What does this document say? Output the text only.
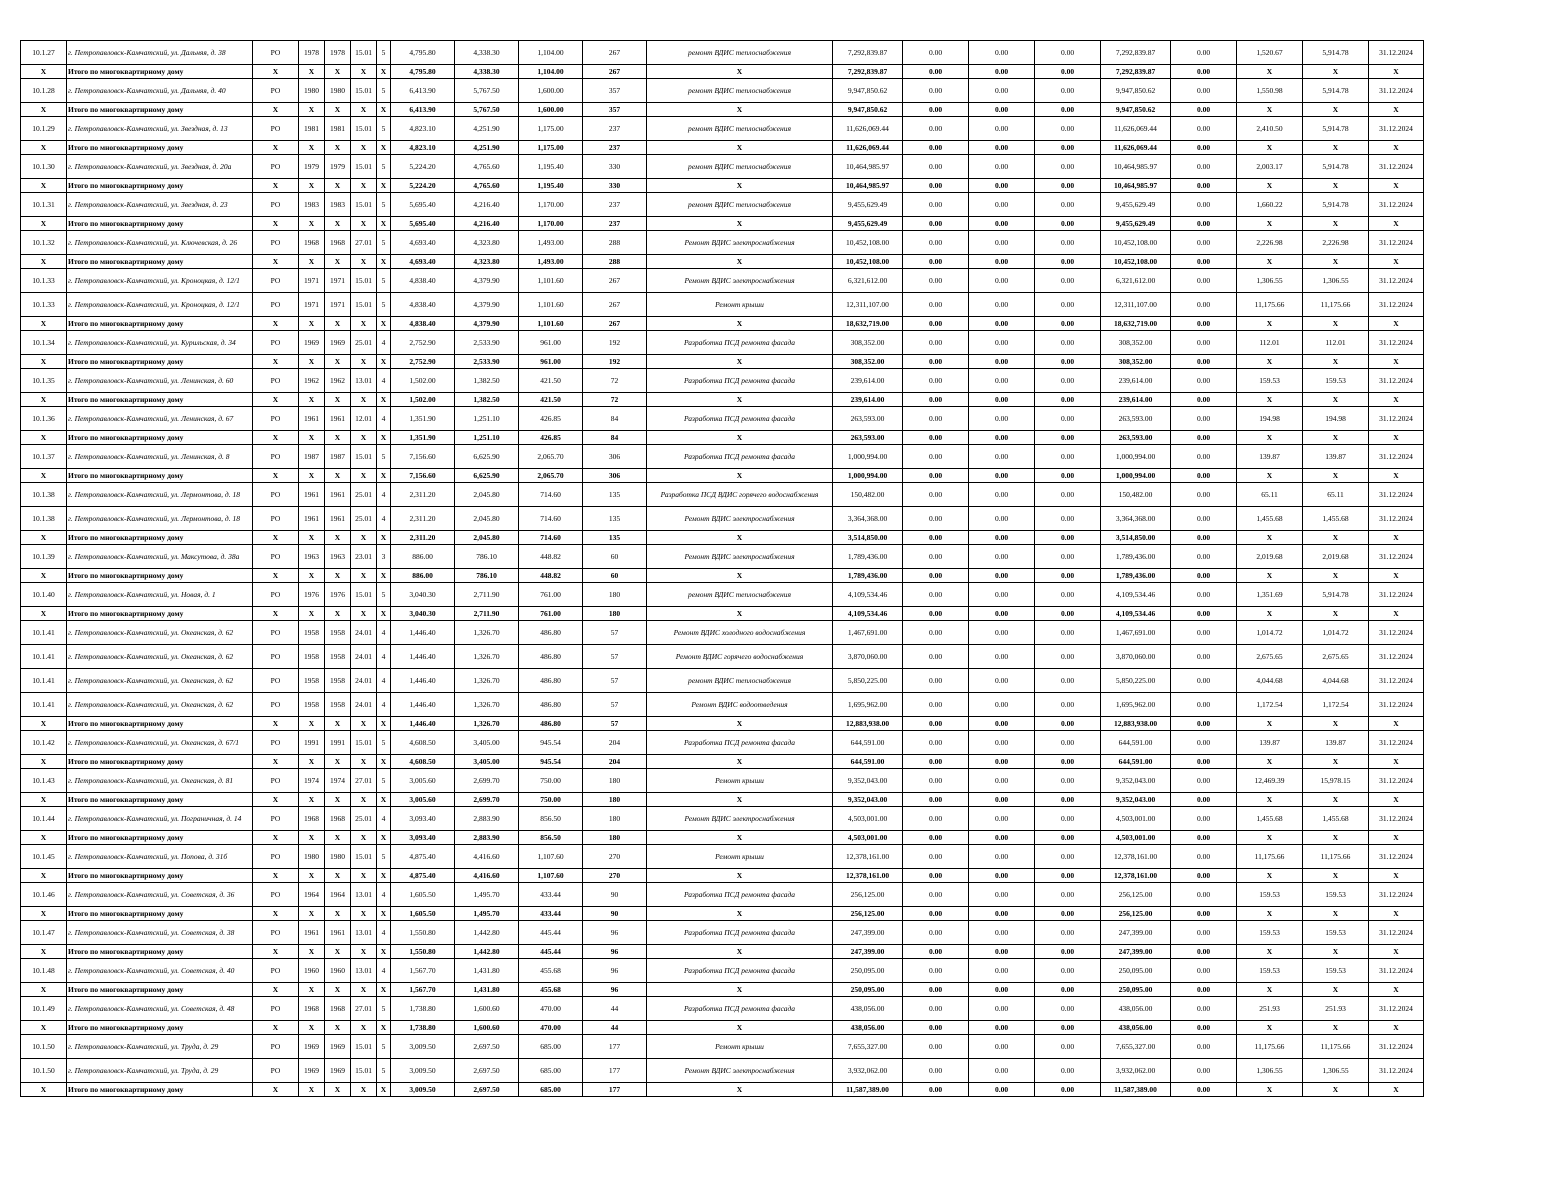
10.1.27	г. Петропавловск-Камчатский, ул. Дальняя, д. 38	РО	1978	1978	15.01	5	4,795.80	4,338.30	1,104.00	267	ремонт ВДИС теплоснабжения	7,292,839.87	0.00	0.00	0.00	7,292,839.87	0.00	1,520.67	5,914.78	31.12.2024
X	Итого по многоквартирному дому	X	X	X	X	X	4,795.80	4,338.30	1,104.00	267	X	7,292,839.87	0.00	0.00	0.00	7,292,839.87	0.00	X	X	X
10.1.28	г. Петропавловск-Камчатский, ул. Дальняя, д. 40	РО	1980	1980	15.01	5	6,413.90	5,767.50	1,600.00	357	ремонт ВДИС теплоснабжения	9,947,850.62	0.00	0.00	0.00	9,947,850.62	0.00	1,550.98	5,914.78	31.12.2024
X	Итого по многоквартирному дому	X	X	X	X	X	6,413.90	5,767.50	1,600.00	357	X	9,947,850.62	0.00	0.00	0.00	9,947,850.62	0.00	X	X	X
10.1.29	г. Петропавловск-Камчатский, ул. Звездная, д. 13	РО	1981	1981	15.01	5	4,823.10	4,251.90	1,175.00	237	ремонт ВДИС теплоснабжения	11,626,069.44	0.00	0.00	0.00	11,626,069.44	0.00	2,410.50	5,914.78	31.12.2024
X	Итого по многоквартирному дому	X	X	X	X	X	4,823.10	4,251.90	1,175.00	237	X	11,626,069.44	0.00	0.00	0.00	11,626,069.44	0.00	X	X	X
10.1.30	г. Петропавловск-Камчатский, ул. Звездная, д. 20а	РО	1979	1979	15.01	5	5,224.20	4,765.60	1,195.40	330	ремонт ВДИС теплоснабжения	10,464,985.97	0.00	0.00	0.00	10,464,985.97	0.00	2,003.17	5,914.78	31.12.2024
X	Итого по многоквартирному дому	X	X	X	X	X	5,224.20	4,765.60	1,195.40	330	X	10,464,985.97	0.00	0.00	0.00	10,464,985.97	0.00	X	X	X
10.1.31	г. Петропавловск-Камчатский, ул. Звездная, д. 23	РО	1983	1983	15.01	5	5,695.40	4,216.40	1,170.00	237	ремонт ВДИС теплоснабжения	9,455,629.49	0.00	0.00	0.00	9,455,629.49	0.00	1,660.22	5,914.78	31.12.2024
X	Итого по многоквартирному дому	X	X	X	X	X	5,695.40	4,216.40	1,170.00	237	X	9,455,629.49	0.00	0.00	0.00	9,455,629.49	0.00	X	X	X
10.1.32	г. Петропавловск-Камчатский, ул. Ключевская, д. 26	РО	1968	1968	27.01	5	4,693.40	4,323.80	1,493.00	288	Ремонт ВДИС электроснабжения	10,452,108.00	0.00	0.00	0.00	10,452,108.00	0.00	2,226.98	2,226.98	31.12.2024
X	Итого по многоквартирному дому	X	X	X	X	X	4,693.40	4,323.80	1,493.00	288	X	10,452,108.00	0.00	0.00	0.00	10,452,108.00	0.00	X	X	X
10.1.33	г. Петропавловск-Камчатский, ул. Кроноцкая, д. 12/1	РО	1971	1971	15.01	5	4,838.40	4,379.90	1,101.60	267	Ремонт ВДИС электроснабжения	6,321,612.00	0.00	0.00	0.00	6,321,612.00	0.00	1,306.55	1,306.55	31.12.2024
10.1.33	г. Петропавловск-Камчатский, ул. Кроноцкая, д. 12/1	РО	1971	1971	15.01	5	4,838.40	4,379.90	1,101.60	267	Ремонт крыши	12,311,107.00	0.00	0.00	0.00	12,311,107.00	0.00	11,175.66	11,175.66	31.12.2024
X	Итого по многоквартирному дому	X	X	X	X	X	4,838.40	4,379.90	1,101.60	267	X	18,632,719.00	0.00	0.00	0.00	18,632,719.00	0.00	X	X	X
10.1.34	г. Петропавловск-Камчатский, ул. Курильская, д. 34	РО	1969	1969	25.01	4	2,752.90	2,533.90	961.00	192	Разработка ПСД ремонта фасада	308,352.00	0.00	0.00	0.00	308,352.00	0.00	112.01	112.01	31.12.2024
X	Итого по многоквартирному дому	X	X	X	X	X	2,752.90	2,533.90	961.00	192	X	308,352.00	0.00	0.00	0.00	308,352.00	0.00	X	X	X
10.1.35	г. Петропавловск-Камчатский, ул. Ленинская, д. 60	РО	1962	1962	13.01	4	1,502.00	1,382.50	421.50	72	Разработка ПСД ремонта фасада	239,614.00	0.00	0.00	0.00	239,614.00	0.00	159.53	159.53	31.12.2024
X	Итого по многоквартирному дому	X	X	X	X	X	1,502.00	1,382.50	421.50	72	X	239,614.00	0.00	0.00	0.00	239,614.00	0.00	X	X	X
10.1.36	г. Петропавловск-Камчатский, ул. Ленинская, д. 67	РО	1961	1961	12.01	4	1,351.90	1,251.10	426.85	84	Разработка ПСД ремонта фасада	263,593.00	0.00	0.00	0.00	263,593.00	0.00	194.98	194.98	31.12.2024
X	Итого по многоквартирному дому	X	X	X	X	X	1,351.90	1,251.10	426.85	84	X	263,593.00	0.00	0.00	0.00	263,593.00	0.00	X	X	X
10.1.37	г. Петропавловск-Камчатский, ул. Ленинская, д. 8	РО	1987	1987	15.01	5	7,156.60	6,625.90	2,065.70	306	Разработка ПСД ремонта фасада	1,000,994.00	0.00	0.00	0.00	1,000,994.00	0.00	139.87	139.87	31.12.2024
X	Итого по многоквартирному дому	X	X	X	X	X	7,156.60	6,625.90	2,065.70	306	X	1,000,994.00	0.00	0.00	0.00	1,000,994.00	0.00	X	X	X
10.1.38	г. Петропавловск-Камчатский, ул. Лермонтова, д. 18	РО	1961	1961	25.01	4	2,311.20	2,045.80	714.60	135	Разработка ПСД ВДИС горячего водоснабжения	150,482.00	0.00	0.00	0.00	150,482.00	0.00	65.11	65.11	31.12.2024
10.1.38	г. Петропавловск-Камчатский, ул. Лермонтова, д. 18	РО	1961	1961	25.01	4	2,311.20	2,045.80	714.60	135	Ремонт ВДИС электроснабжения	3,364,368.00	0.00	0.00	0.00	3,364,368.00	0.00	1,455.68	1,455.68	31.12.2024
X	Итого по многоквартирному дому	X	X	X	X	X	2,311.20	2,045.80	714.60	135	X	3,514,850.00	0.00	0.00	0.00	3,514,850.00	0.00	X	X	X
10.1.39	г. Петропавловск-Камчатский, ул. Максутова, д. 38а	РО	1963	1963	23.01	3	886.00	786.10	448.82	60	Ремонт ВДИС электроснабжения	1,789,436.00	0.00	0.00	0.00	1,789,436.00	0.00	2,019.68	2,019.68	31.12.2024
X	Итого по многоквартирному дому	X	X	X	X	X	886.00	786.10	448.82	60	X	1,789,436.00	0.00	0.00	0.00	1,789,436.00	0.00	X	X	X
10.1.40	г. Петропавловск-Камчатский, ул. Новая, д. 1	РО	1976	1976	15.01	5	3,040.30	2,711.90	761.00	180	ремонт ВДИС теплоснабжения	4,109,534.46	0.00	0.00	0.00	4,109,534.46	0.00	1,351.69	5,914.78	31.12.2024
X	Итого по многоквартирному дому	X	X	X	X	X	3,040.30	2,711.90	761.00	180	X	4,109,534.46	0.00	0.00	0.00	4,109,534.46	0.00	X	X	X
10.1.41	г. Петропавловск-Камчатский, ул. Океанская, д. 62	РО	1958	1958	24.01	4	1,446.40	1,326.70	486.80	57	Ремонт ВДИС холодного водоснабжения	1,467,691.00	0.00	0.00	0.00	1,467,691.00	0.00	1,014.72	1,014.72	31.12.2024
10.1.41	г. Петропавловск-Камчатский, ул. Океанская, д. 62	РО	1958	1958	24.01	4	1,446.40	1,326.70	486.80	57	Ремонт ВДИС горячего водоснабжения	3,870,060.00	0.00	0.00	0.00	3,870,060.00	0.00	2,675.65	2,675.65	31.12.2024
10.1.41	г. Петропавловск-Камчатский, ул. Океанская, д. 62	РО	1958	1958	24.01	4	1,446.40	1,326.70	486.80	57	ремонт ВДИС теплоснабжения	5,850,225.00	0.00	0.00	0.00	5,850,225.00	0.00	4,044.68	4,044.68	31.12.2024
10.1.41	г. Петропавловск-Камчатский, ул. Океанская, д. 62	РО	1958	1958	24.01	4	1,446.40	1,326.70	486.80	57	Ремонт ВДИС водоотведения	1,695,962.00	0.00	0.00	0.00	1,695,962.00	0.00	1,172.54	1,172.54	31.12.2024
X	Итого по многоквартирному дому	X	X	X	X	X	1,446.40	1,326.70	486.80	57	X	12,883,938.00	0.00	0.00	0.00	12,883,938.00	0.00	X	X	X
10.1.42	г. Петропавловск-Камчатский, ул. Океанская, д. 67/1	РО	1991	1991	15.01	5	4,608.50	3,405.00	945.54	204	Разработка ПСД ремонта фасада	644,591.00	0.00	0.00	0.00	644,591.00	0.00	139.87	139.87	31.12.2024
X	Итого по многоквартирному дому	X	X	X	X	X	4,608.50	3,405.00	945.54	204	X	644,591.00	0.00	0.00	0.00	644,591.00	0.00	X	X	X
10.1.43	г. Петропавловск-Камчатский, ул. Океанская, д. 81	РО	1974	1974	27.01	5	3,005.60	2,699.70	750.00	180	Ремонт крыши	9,352,043.00	0.00	0.00	0.00	9,352,043.00	0.00	12,469.39	15,978.15	31.12.2024
X	Итого по многоквартирному дому	X	X	X	X	X	3,005.60	2,699.70	750.00	180	X	9,352,043.00	0.00	0.00	0.00	9,352,043.00	0.00	X	X	X
10.1.44	г. Петропавловск-Камчатский, ул. Пограничная, д. 14	РО	1968	1968	25.01	4	3,093.40	2,883.90	856.50	180	Ремонт ВДИС электроснабжения	4,503,001.00	0.00	0.00	0.00	4,503,001.00	0.00	1,455.68	1,455.68	31.12.2024
X	Итого по многоквартирному дому	X	X	X	X	X	3,093.40	2,883.90	856.50	180	X	4,503,001.00	0.00	0.00	0.00	4,503,001.00	0.00	X	X	X
10.1.45	г. Петропавловск-Камчатский, ул. Попова, д. 31б	РО	1980	1980	15.01	5	4,875.40	4,416.60	1,107.60	270	Ремонт крыши	12,378,161.00	0.00	0.00	0.00	12,378,161.00	0.00	11,175.66	11,175.66	31.12.2024
X	Итого по многоквартирному дому	X	X	X	X	X	4,875.40	4,416.60	1,107.60	270	X	12,378,161.00	0.00	0.00	0.00	12,378,161.00	0.00	X	X	X
10.1.46	г. Петропавловск-Камчатский, ул. Советская, д. 36	РО	1964	1964	13.01	4	1,605.50	1,495.70	433.44	90	Разработка ПСД ремонта фасада	256,125.00	0.00	0.00	0.00	256,125.00	0.00	159.53	159.53	31.12.2024
X	Итого по многоквартирному дому	X	X	X	X	X	1,605.50	1,495.70	433.44	90	X	256,125.00	0.00	0.00	0.00	256,125.00	0.00	X	X	X
10.1.47	г. Петропавловск-Камчатский, ул. Советская, д. 38	РО	1961	1961	13.01	4	1,550.80	1,442.80	445.44	96	Разработка ПСД ремонта фасада	247,399.00	0.00	0.00	0.00	247,399.00	0.00	159.53	159.53	31.12.2024
X	Итого по многоквартирному дому	X	X	X	X	X	1,550.80	1,442.80	445.44	96	X	247,399.00	0.00	0.00	0.00	247,399.00	0.00	X	X	X
10.1.48	г. Петропавловск-Камчатский, ул. Советская, д. 40	РО	1960	1960	13.01	4	1,567.70	1,431.80	455.68	96	Разработка ПСД ремонта фасада	250,095.00	0.00	0.00	0.00	250,095.00	0.00	159.53	159.53	31.12.2024
X	Итого по многоквартирному дому	X	X	X	X	X	1,567.70	1,431.80	455.68	96	X	250,095.00	0.00	0.00	0.00	250,095.00	0.00	X	X	X
10.1.49	г. Петропавловск-Камчатский, ул. Советская, д. 48	РО	1968	1968	27.01	5	1,738.80	1,600.60	470.00	44	Разработка ПСД ремонта фасада	438,056.00	0.00	0.00	0.00	438,056.00	0.00	251.93	251.93	31.12.2024
X	Итого по многоквартирному дому	X	X	X	X	X	1,738.80	1,600.60	470.00	44	X	438,056.00	0.00	0.00	0.00	438,056.00	0.00	X	X	X
10.1.50	г. Петропавловск-Камчатский, ул. Труда, д. 29	РО	1969	1969	15.01	5	3,009.50	2,697.50	685.00	177	Ремонт крыши	7,655,327.00	0.00	0.00	0.00	7,655,327.00	0.00	11,175.66	11,175.66	31.12.2024
10.1.50	г. Петропавловск-Камчатский, ул. Труда, д. 29	РО	1969	1969	15.01	5	3,009.50	2,697.50	685.00	177	Ремонт ВДИС электроснабжения	3,932,062.00	0.00	0.00	0.00	3,932,062.00	0.00	1,306.55	1,306.55	31.12.2024
X	Итого по многоквартирному дому	X	X	X	X	X	3,009.50	2,697.50	685.00	177	X	11,587,389.00	0.00	0.00	0.00	11,587,389.00	0.00	X	X	X
